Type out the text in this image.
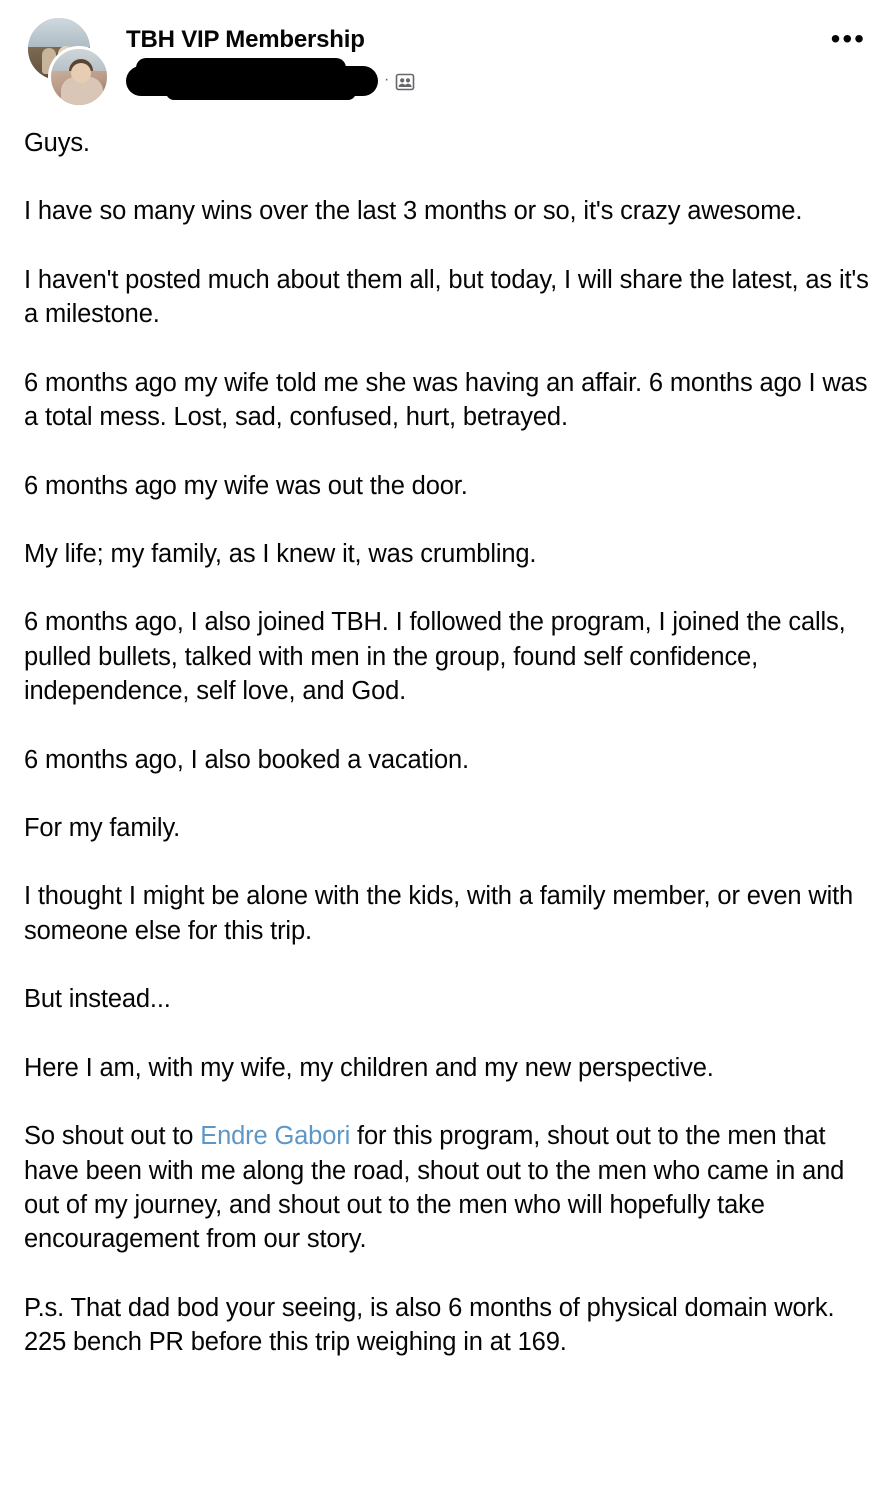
TBH VIP Membership
·
•••

Guys.

I have so many wins over the last 3 months or so, it's crazy awesome.

I haven't posted much about them all, but today, I will share the latest, as it's a milestone.

6 months ago my wife told me she was having an affair. 6 months ago I was a total mess. Lost, sad, confused, hurt, betrayed.

6 months ago my wife was out the door.

My life; my family, as I knew it, was crumbling.

6 months ago, I also joined TBH. I followed the program, I joined the calls, pulled bullets, talked with men in the group, found self confidence, independence, self love, and God.

6 months ago, I also booked a vacation.

For my family.

I thought I might be alone with the kids, with a family member, or even with someone else for this trip.

But instead...

Here I am, with my wife, my children and my new perspective.

So shout out to Endre Gabori for this program, shout out to the men that have been with me along the road, shout out to the men who came in and out of my journey, and shout out to the men who will hopefully take encouragement from our story.

P.s. That dad bod your seeing, is also 6 months of physical domain work. 225 bench PR before this trip weighing in at 169.
